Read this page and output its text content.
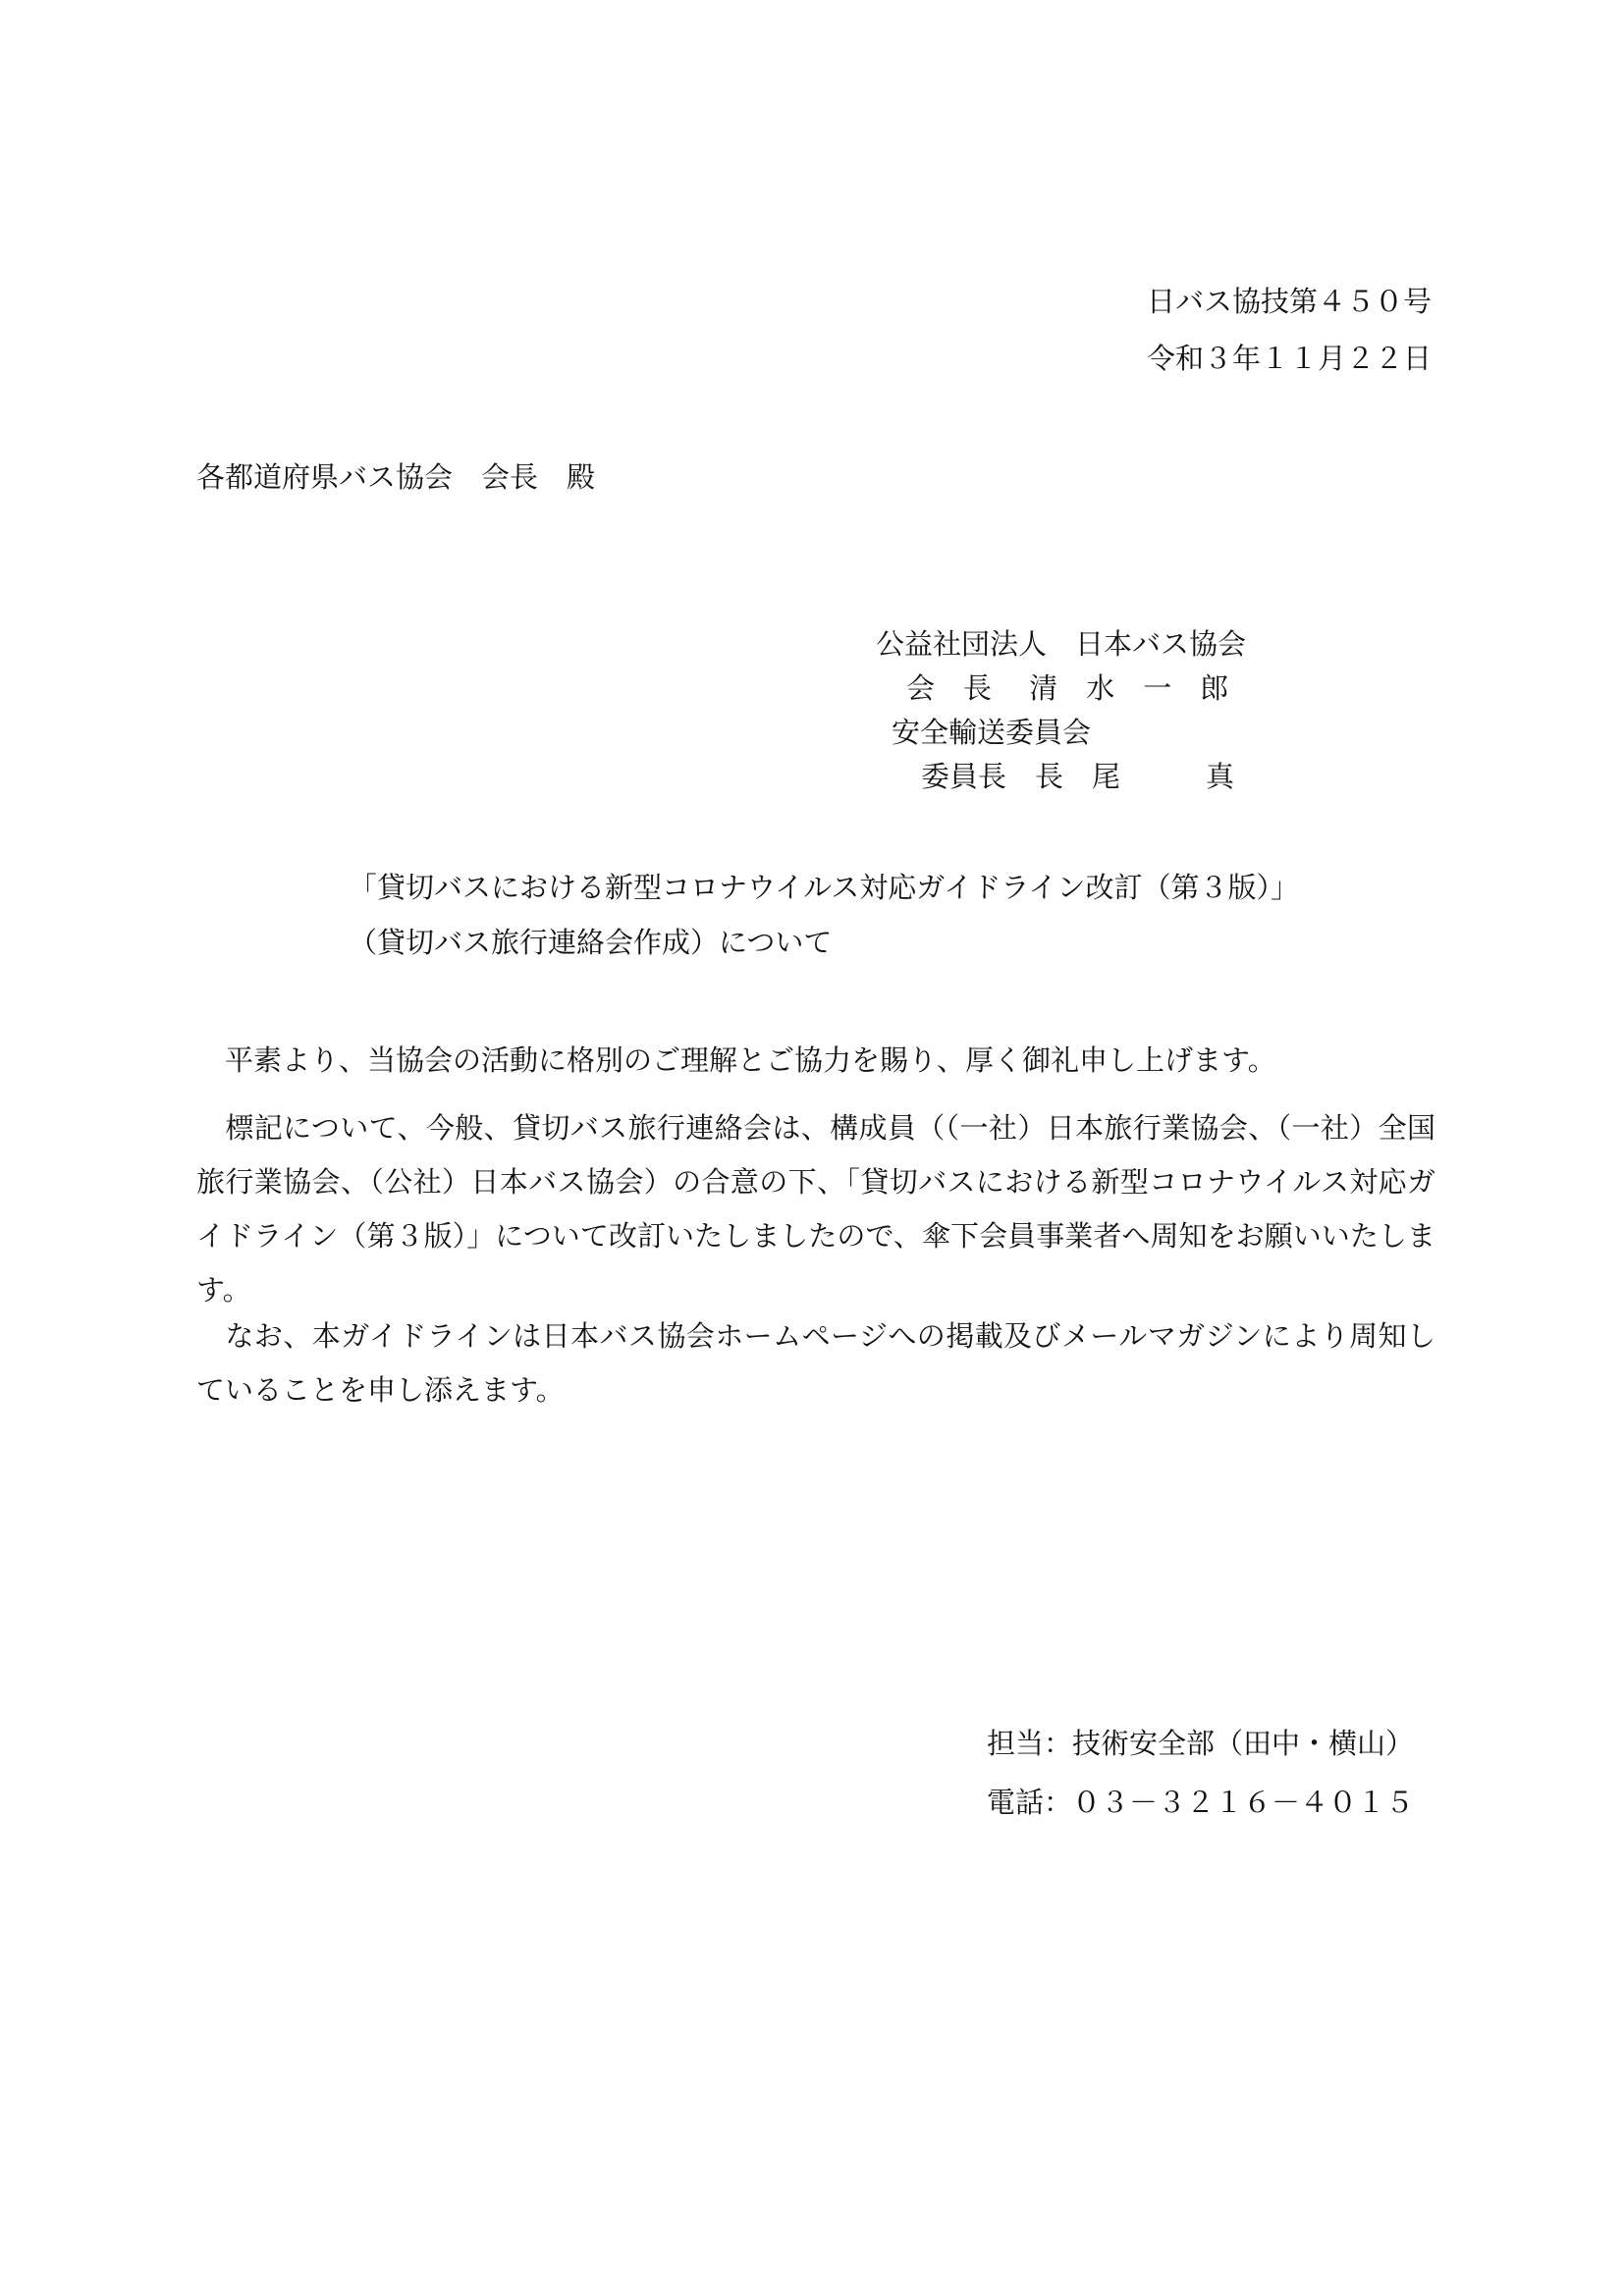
日バス協技第４５０号
令和３年１１月２２日
各都道府県バス協会　会長　殿
公益社団法人　日本バス協会
会　長　 清　水　一　郎
安全輸送委員会
委員長　長　尾　　　真
「貸切バスにおける新型コロナウイルス対応ガイドライン改訂（第３版）」
（貸切バス旅行連絡会作成）について
　平素より、当協会の活動に格別のご理解とご協力を賜り、厚く御礼申し上げます。
　標記について、今般、貸切バス旅行連絡会は、構成員（（一社）日本旅行業協会、（一社）全国旅行業協会、（公社）日本バス協会）の合意の下、「貸切バスにおける新型コロナウイルス対応ガイドライン（第３版）」について改訂いたしましたので、傘下会員事業者へ周知をお願いいたします。
　なお、本ガイドラインは日本バス協会ホームページへの掲載及びメールマガジンにより周知していることを申し添えます。
担当：技術安全部（田中・横山）
電話：０３－３２１６－４０１５
